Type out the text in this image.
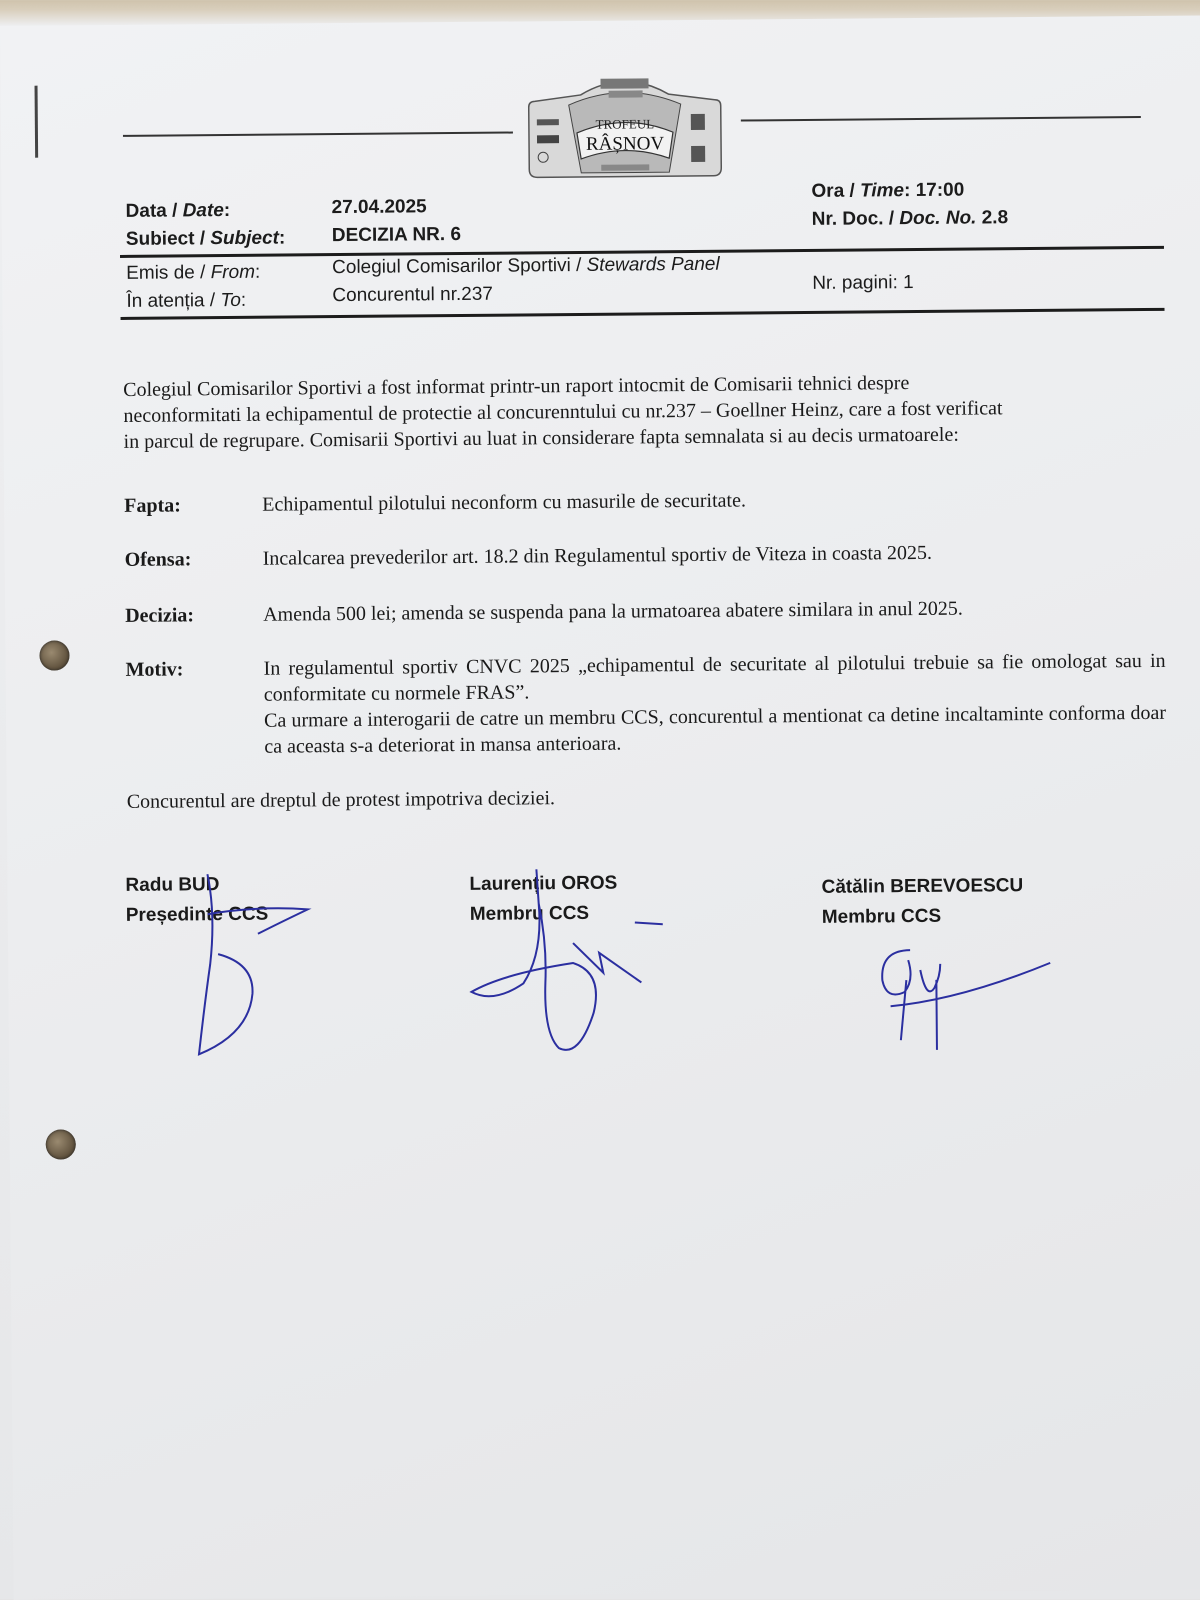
TROFEUL
RÂȘNOV
Data / Date:	27.04.2025
Ora / Time: 17:00
Subiect / Subject: DECIZIA NR. 6
Nr. Doc. / Doc. No. 2.8
Emis de / From:	Colegiul Comisarilor Sportivi / Stewards Panel
În atenția / To:	Concurentul nr.237
Nr. pagini: 1
Colegiul Comisarilor Sportivi a fost informat printr-un raport intocmit de Comisarii tehnici despre
neconformitati la echipamentul de protectie al concurenntului cu nr.237 – Goellner Heinz, care a fost verificat
in parcul de regrupare. Comisarii Sportivi au luat in considerare fapta semnalata si au decis urmatoarele:
Fapta:	Echipamentul pilotului neconform cu masurile de securitate.
Ofensa:	Incalcarea prevederilor art. 18.2 din Regulamentul sportiv de Viteza in coasta 2025.
Decizia:	Amenda 500 lei; amenda se suspenda pana la urmatoarea abatere similara in anul 2025.
Motiv:	In regulamentul sportiv CNVC 2025 „echipamentul de securitate al pilotului trebuie sa fie omologat sau in conformitate cu normele FRAS”.
Ca urmare a interogarii de catre un membru CCS, concurentul a mentionat ca detine incaltaminte conforma doar ca aceasta s-a deteriorat in mansa anterioara.
Concurentul are dreptul de protest impotriva deciziei.
Radu BUD
Președinte CCS
Laurențiu OROS
Membru CCS
Cătălin BEREVOESCU
Membru CCS
